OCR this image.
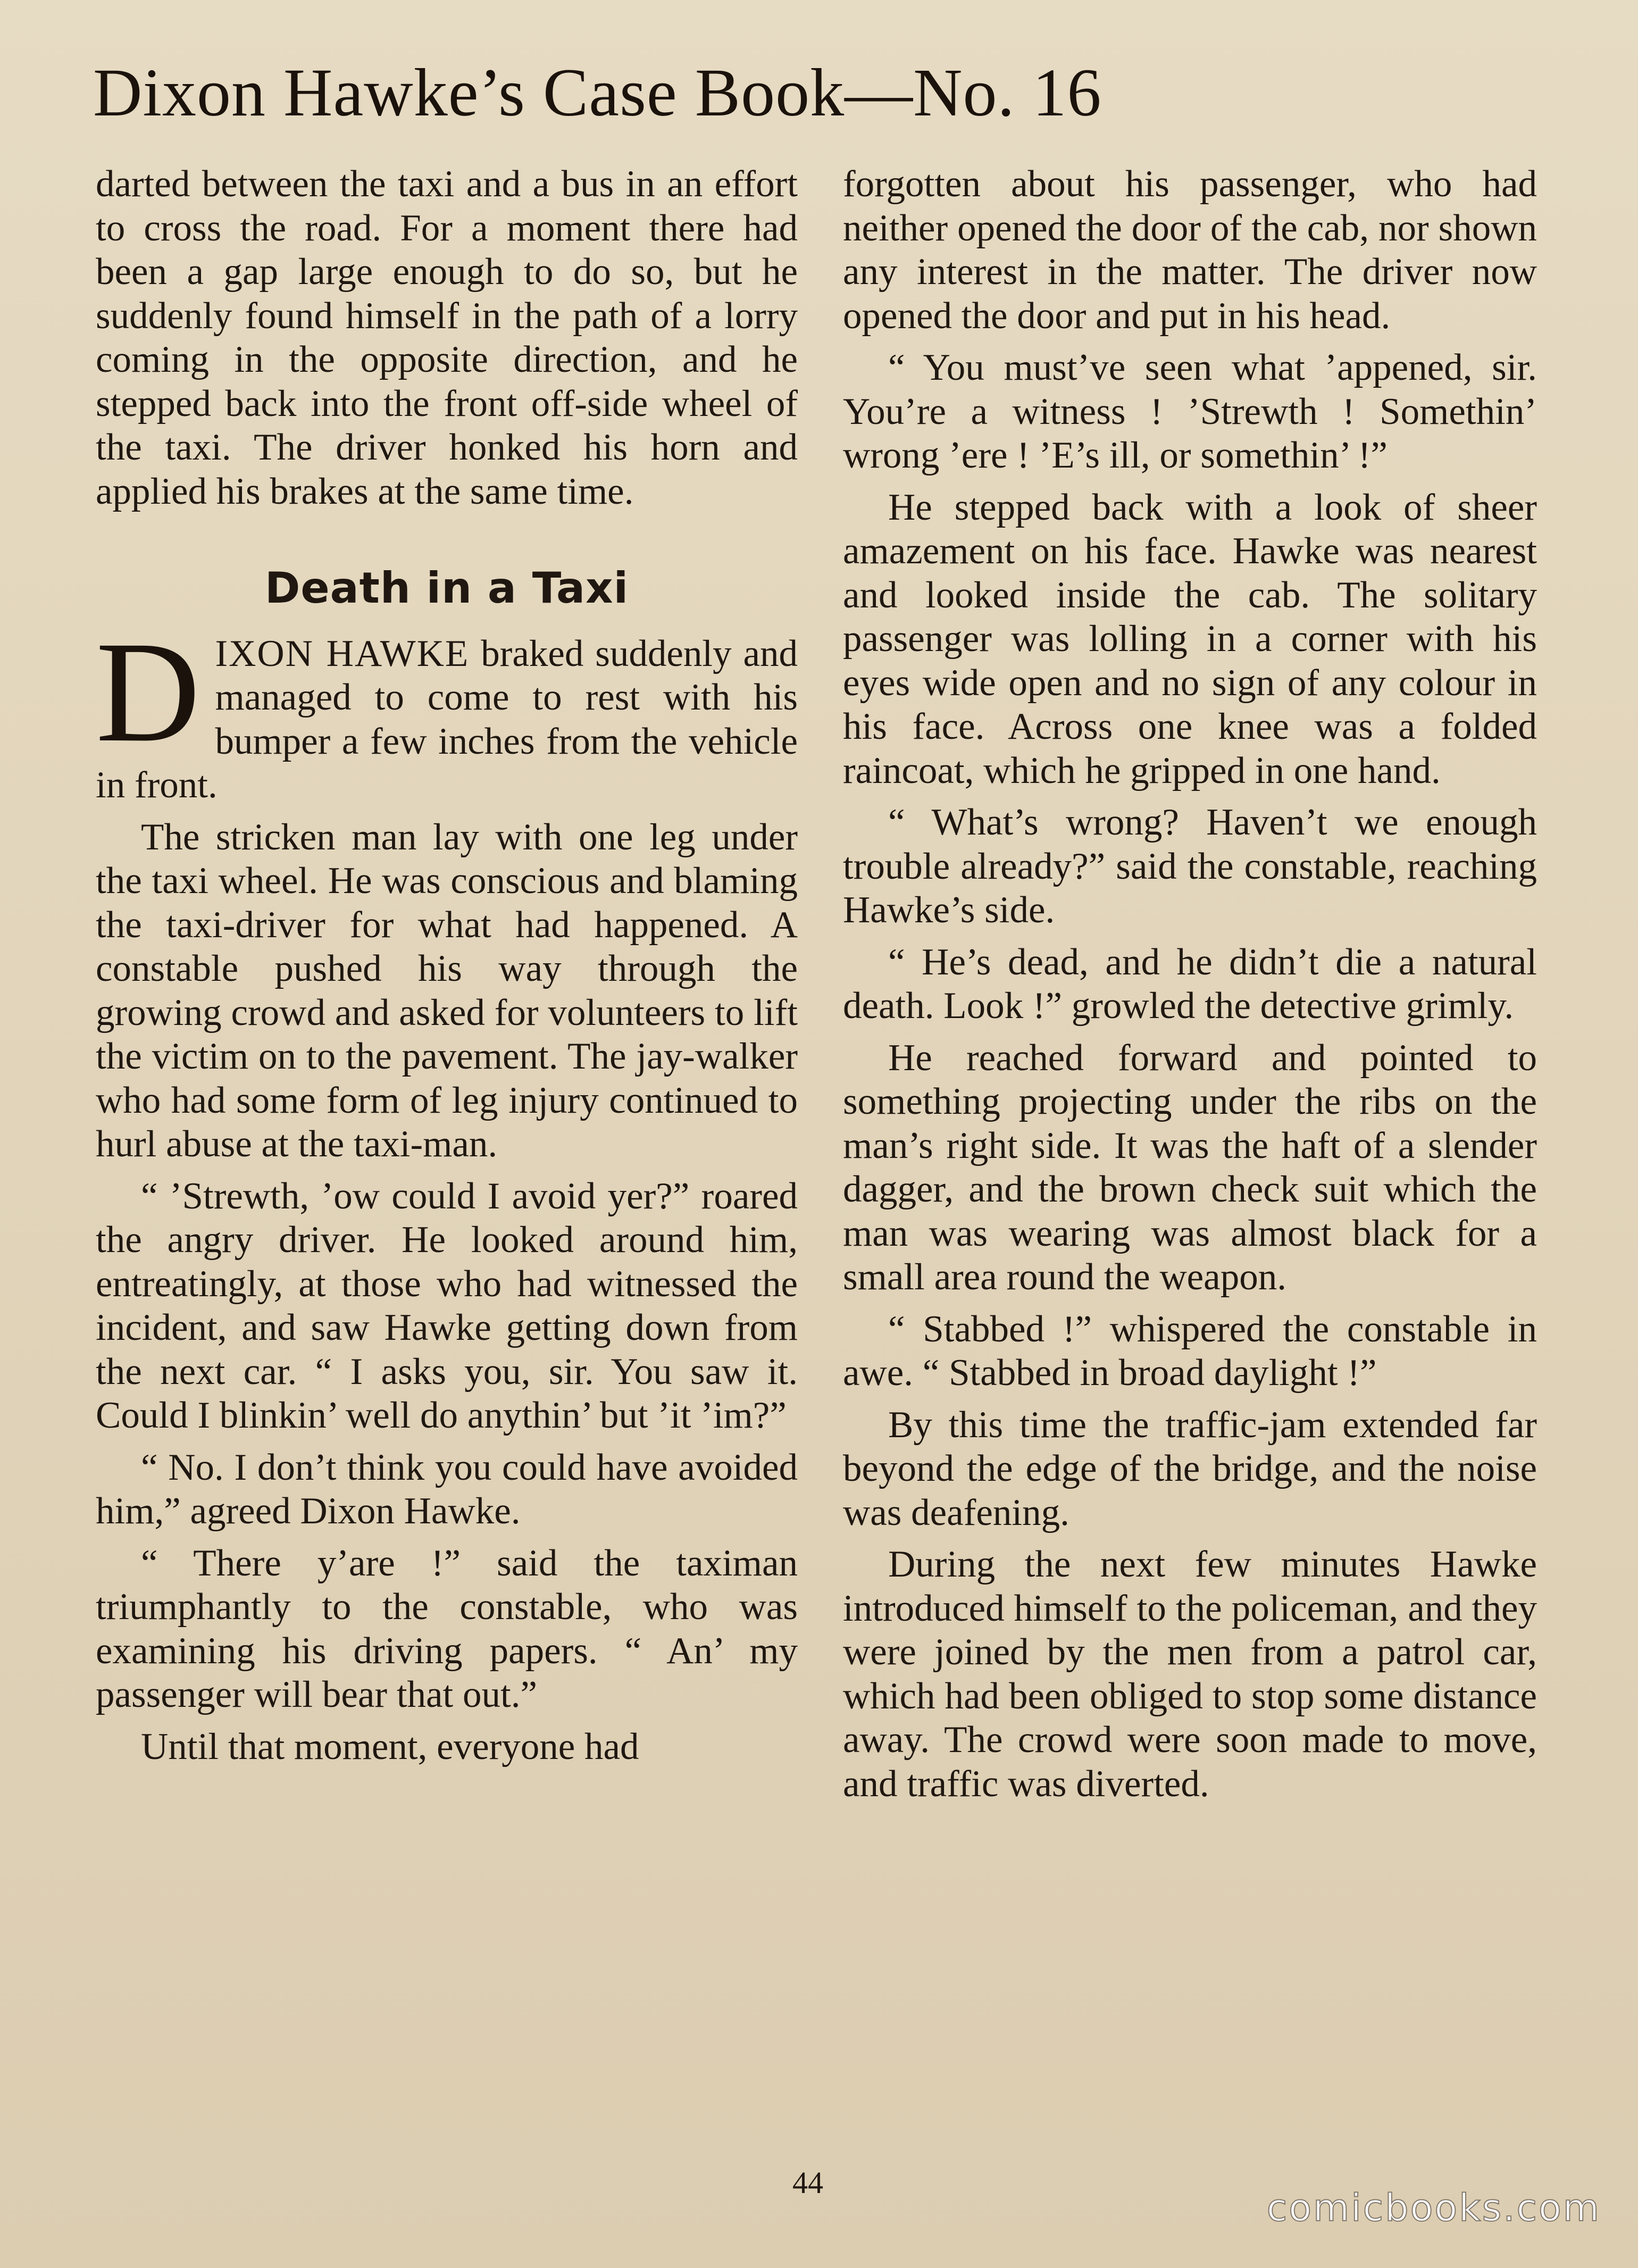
Dixon Hawke’s Case Book—No. 16

darted between the taxi and a bus in an effort to cross the road. For a moment there had been a gap large enough to do so, but he suddenly found himself in the path of a lorry coming in the opposite direction, and he stepped back into the front off-side wheel of the taxi. The driver honked his horn and applied his brakes at the same time.

Death in a Taxi

DIXON HAWKE braked suddenly and managed to come to rest with his bumper a few inches from the vehicle in front.

The stricken man lay with one leg under the taxi wheel. He was conscious and blaming the taxi-driver for what had happened. A constable pushed his way through the growing crowd and asked for volunteers to lift the victim on to the pavement. The jay-walker who had some form of leg injury continued to hurl abuse at the taxi-man.

“ ’Strewth, ’ow could I avoid yer?” roared the angry driver. He looked around him, entreatingly, at those who had witnessed the incident, and saw Hawke getting down from the next car. “ I asks you, sir. You saw it. Could I blinkin’ well do anythin’ but ’it ’im?”

“ No. I don’t think you could have avoided him,” agreed Dixon Hawke.

“ There y’are !” said the taximan triumphantly to the constable, who was examining his driving papers. “ An’ my passenger will bear that out.”

Until that moment, everyone had

forgotten about his passenger, who had neither opened the door of the cab, nor shown any interest in the matter. The driver now opened the door and put in his head.

“ You must’ve seen what ’appened, sir. You’re a witness ! ’Strewth ! Somethin’ wrong ’ere ! ’E’s ill, or somethin’ !”

He stepped back with a look of sheer amazement on his face. Hawke was nearest and looked inside the cab. The solitary passenger was lolling in a corner with his eyes wide open and no sign of any colour in his face. Across one knee was a folded raincoat, which he gripped in one hand.

“ What’s wrong? Haven’t we enough trouble already?” said the constable, reaching Hawke’s side.

“ He’s dead, and he didn’t die a natural death. Look !” growled the detective grimly.

He reached forward and pointed to something projecting under the ribs on the man’s right side. It was the haft of a slender dagger, and the brown check suit which the man was wearing was almost black for a small area round the weapon.

“ Stabbed !” whispered the constable in awe. “ Stabbed in broad daylight !”

By this time the traffic-jam extended far beyond the edge of the bridge, and the noise was deafening.

During the next few minutes Hawke introduced himself to the policeman, and they were joined by the men from a patrol car, which had been obliged to stop some distance away. The crowd were soon made to move, and traffic was diverted.

44
comicbooks.com
